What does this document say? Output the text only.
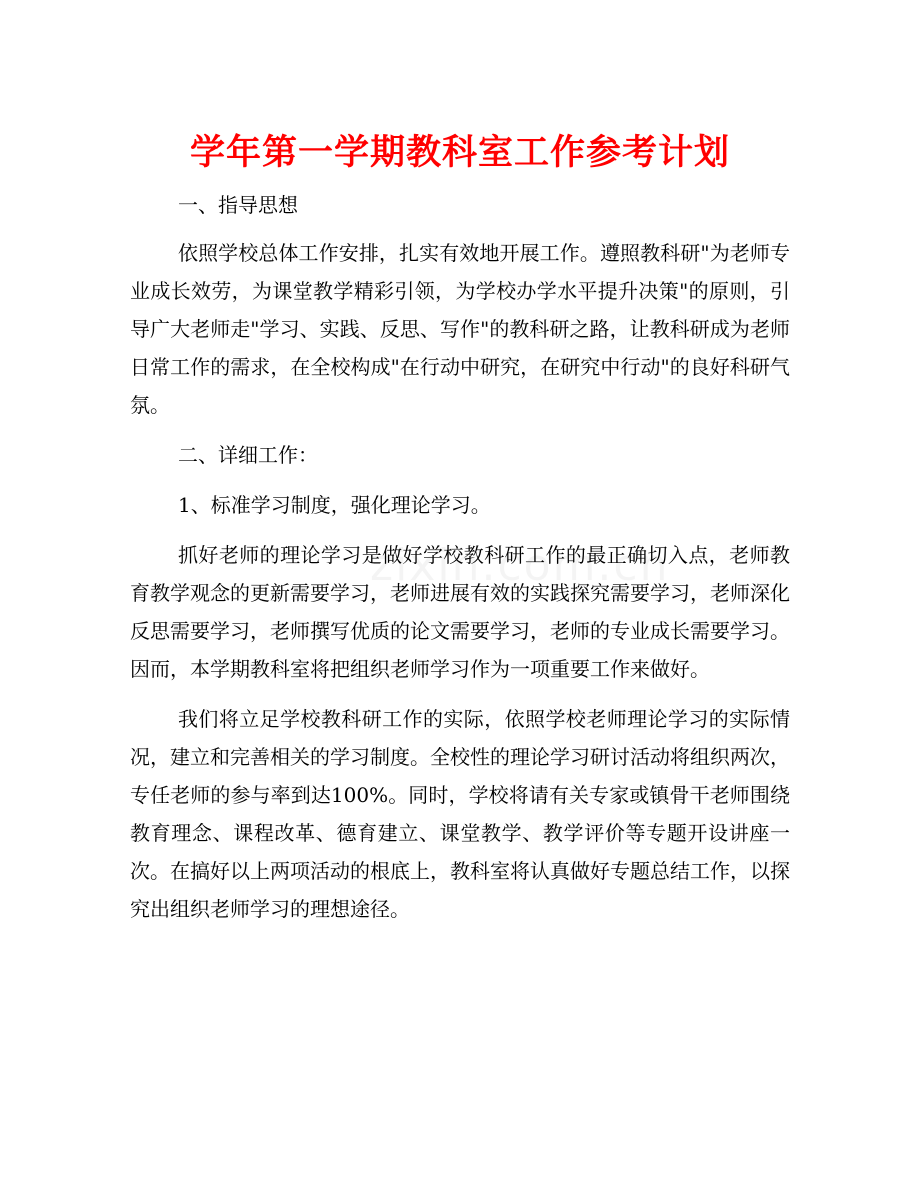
学年第一学期教科室工作参考计划

一、指导思想

依照学校总体工作安排，扎实有效地开展工作。遵照教科研"为老师专业成长效劳，为课堂教学精彩引领，为学校办学水平提升决策"的原则，引导广大老师走"学习、实践、反思、写作"的教科研之路，让教科研成为老师日常工作的需求，在全校构成"在行动中研究，在研究中行动"的良好科研气氛。

二、详细工作：

1、标准学习制度，强化理论学习。

抓好老师的理论学习是做好学校教科研工作的最正确切入点，老师教育教学观念的更新需要学习，老师进展有效的实践探究需要学习，老师深化反思需要学习，老师撰写优质的论文需要学习，老师的专业成长需要学习。因而，本学期教科室将把组织老师学习作为一项重要工作来做好。

我们将立足学校教科研工作的实际，依照学校老师理论学习的实际情况，建立和完善相关的学习制度。全校性的理论学习研讨活动将组织两次，专任老师的参与率到达100%。同时，学校将请有关专家或镇骨干老师围绕教育理念、课程改革、德育建立、课堂教学、教学评价等专题开设讲座一次。在搞好以上两项活动的根底上，教科室将认真做好专题总结工作，以探究出组织老师学习的理想途径。
